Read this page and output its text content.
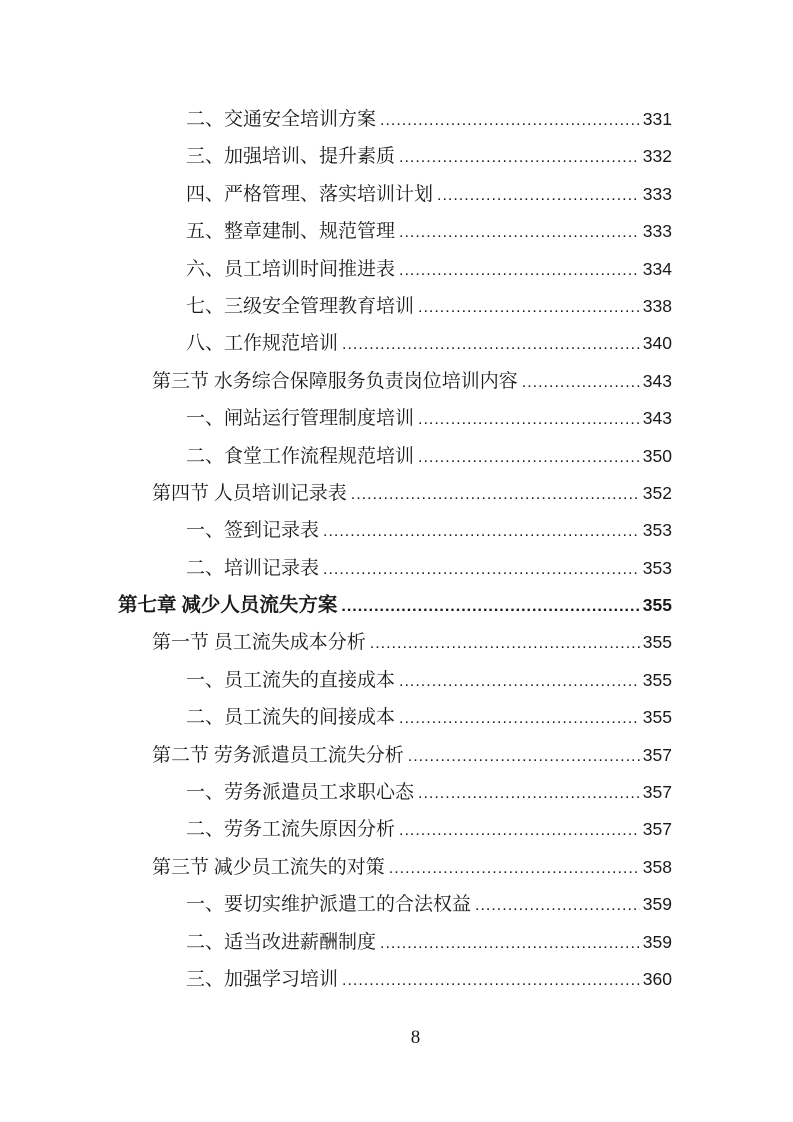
二、交通安全培训方案 .....	331
三、加强培训、提升素质 .....	332
四、严格管理、落实培训计划 .....	333
五、整章建制、规范管理 .....	333
六、员工培训时间推进表 .....	334
七、三级安全管理教育培训 .....	338
八、工作规范培训 .....	340
第三节 水务综合保障服务负责岗位培训内容 .....	343
一、闸站运行管理制度培训 .....	343
二、食堂工作流程规范培训 .....	350
第四节 人员培训记录表 .....	352
一、签到记录表 .....	353
二、培训记录表 .....	353
第七章 减少人员流失方案 .....	355
第一节 员工流失成本分析 .....	355
一、员工流失的直接成本 .....	355
二、员工流失的间接成本 .....	355
第二节 劳务派遣员工流失分析 .....	357
一、劳务派遣员工求职心态 .....	357
二、劳务工流失原因分析 .....	357
第三节 减少员工流失的对策 .....	358
一、要切实维护派遣工的合法权益 .....	359
二、适当改进薪酬制度 .....	359
三、加强学习培训 .....	360
8
